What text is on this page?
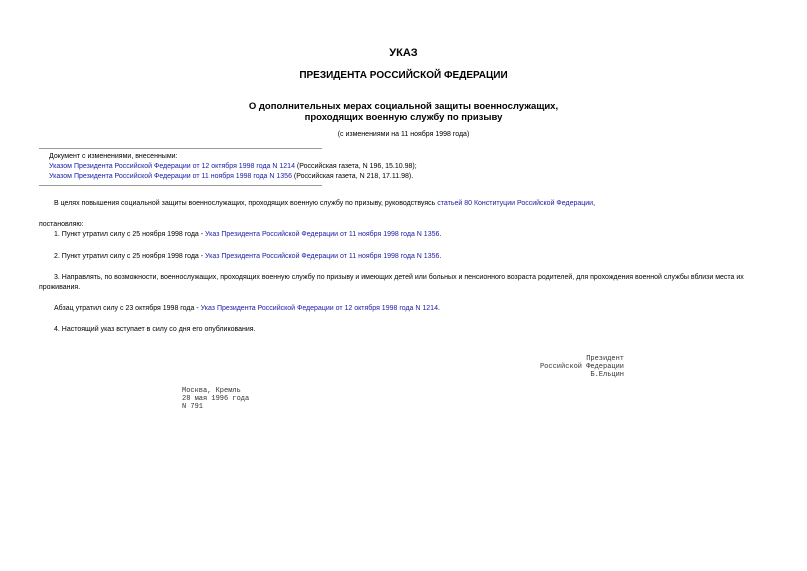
УКАЗ
ПРЕЗИДЕНТА РОССИЙСКОЙ ФЕДЕРАЦИИ
О дополнительных мерах социальной защиты военнослужащих,
проходящих военную службу по призыву
(с изменениями на 11 ноября 1998 года)
Документ с изменениями, внесенными:
Указом Президента Российской Федерации от 12 октября 1998 года N 1214 (Российская газета, N 196, 15.10.98);
Указом Президента Российской Федерации от 11 ноября 1998 года N 1356 (Российская газета, N 218, 17.11.98).
В целях повышения социальной защиты военнослужащих, проходящих военную службу по призыву, руководствуясь статьей 80 Конституции Российской Федерации,
постановляю:
1. Пункт утратил силу с 25 ноября 1998 года - Указ Президента Российской Федерации от 11 ноября 1998 года N 1356.
2. Пункт утратил силу с 25 ноября 1998 года - Указ Президента Российской Федерации от 11 ноября 1998 года N 1356.
3. Направлять, по возможности, военнослужащих, проходящих военную службу по призыву и имеющих детей или больных и пенсионного возраста родителей, для прохождения военной службы вблизи места их проживания.
Абзац утратил силу с 23 октября 1998 года - Указ Президента Российской Федерации от 12 октября 1998 года N 1214.
4. Настоящий указ вступает в силу со дня его опубликования.
Президент
Российской Федерации
Б.Ельцин
Москва, Кремль
28 мая 1996 года
N 791
